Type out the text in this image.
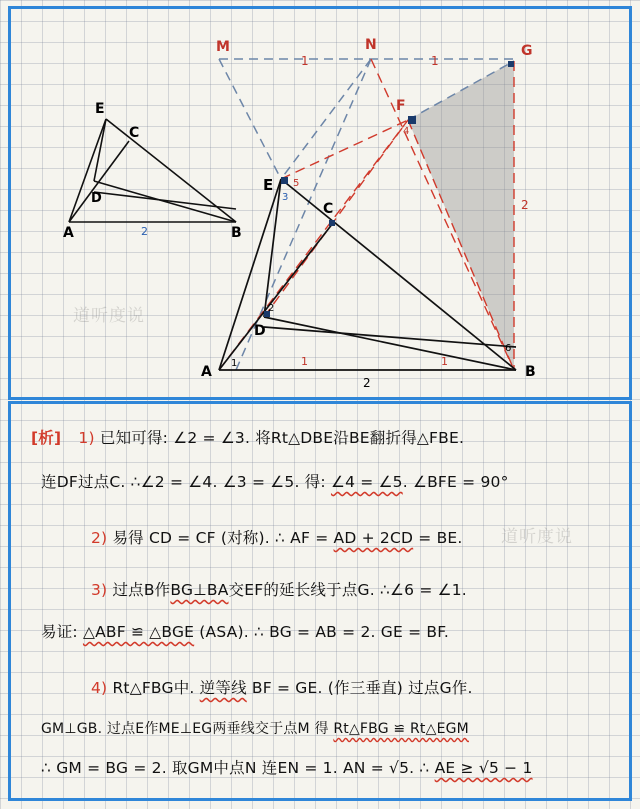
E
C
D
A	B
2
M	N	G
F
E
C
D
A	B
1	1
2
2
1	1
1
2
3
4
5
6
道听度说
道听度说
[析] 1) 已知可得: ∠2 = ∠3. 将Rt△DBE沿BE翻折得△FBE.
连DF过点C. ∴∠2 = ∠4. ∠3 = ∠5. 得: ∠4 = ∠5. ∠BFE = 90°
2) 易得 CD = CF (对称). ∴ AF = AD + 2CD = BE.
3) 过点B作BG⊥BA交EF的延长线于点G. ∴∠6 = ∠1.
易证: △ABF ≌ △BGE (ASA). ∴ BG = AB = 2. GE = BF.
4) Rt△FBG中. 逆等线 BF = GE. (作三垂直) 过点G作.
GM⊥GB. 过点E作ME⊥EG两垂线交于点M 得 Rt△FBG ≌ Rt△EGM
∴ GM = BG = 2. 取GM中点N 连EN = 1. AN = √5. ∴ AE ≥ √5 − 1
